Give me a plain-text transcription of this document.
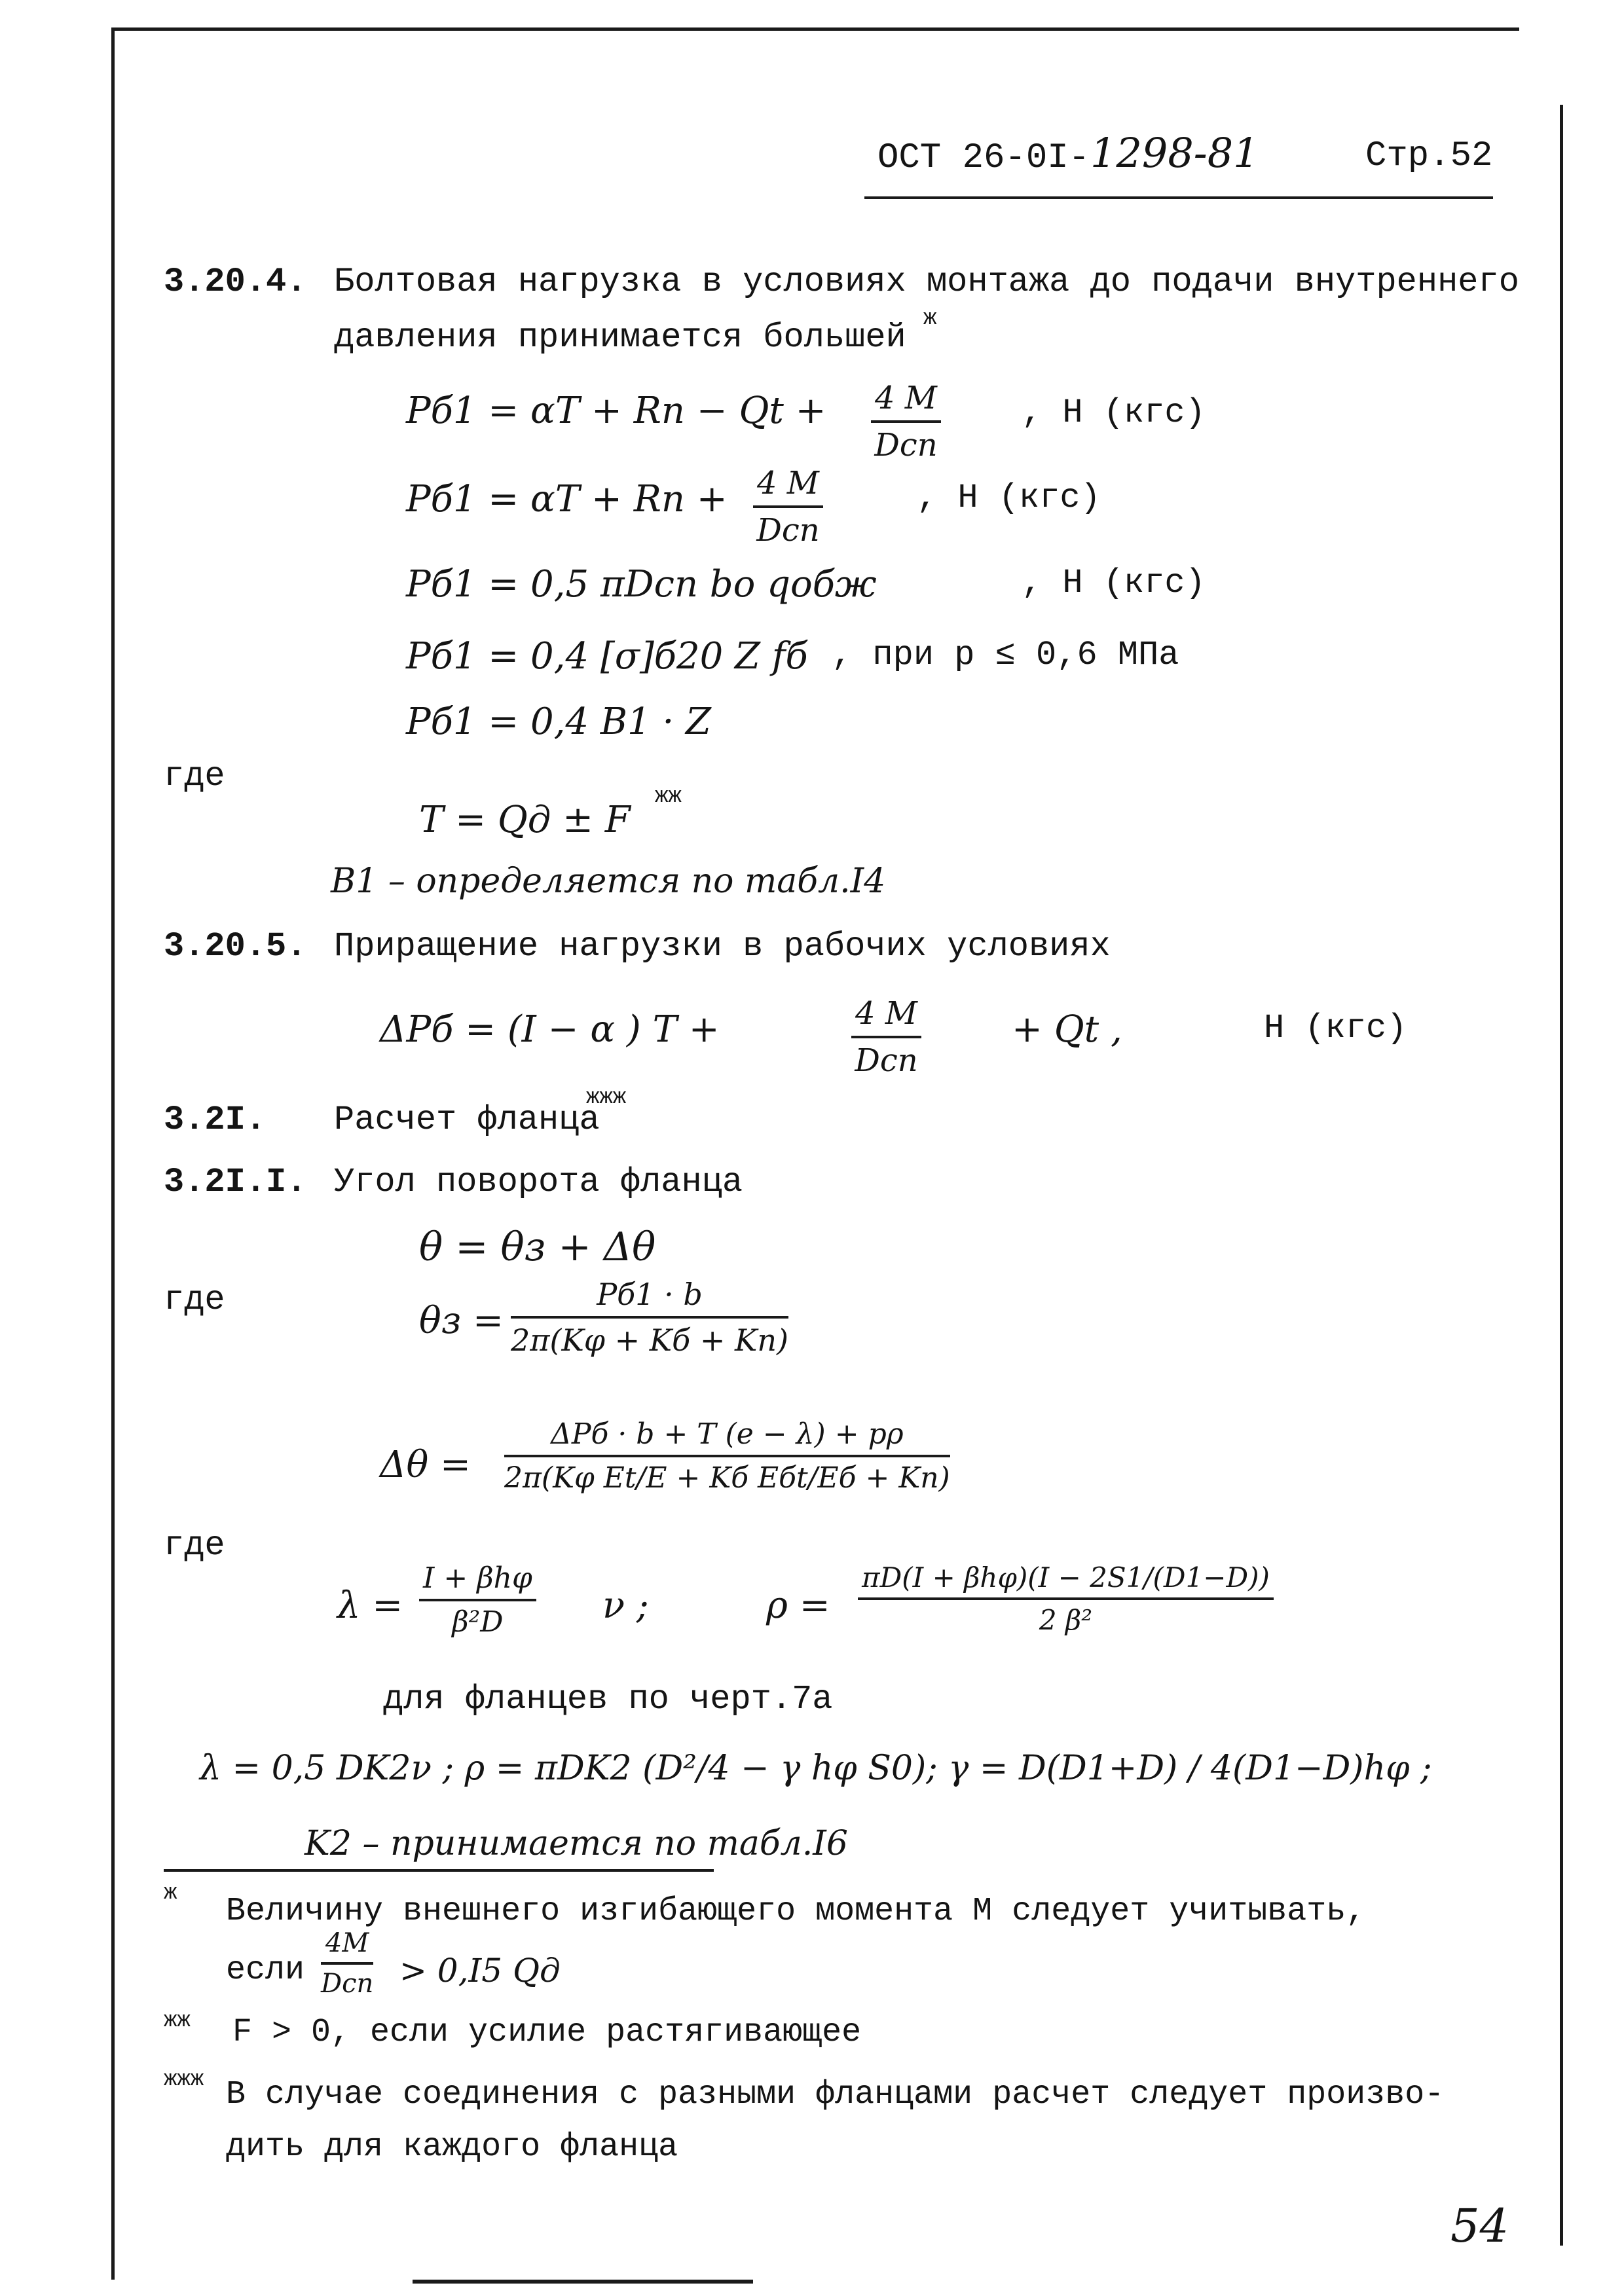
ОСТ 26-0I- 1298-81	Стр.52
3.20.4. Болтовая нагрузка в условиях монтажа до подачи внутреннего
давления принимается большей ж
Pб1 = αT + Rп − Qt + 4 M
Dсп
, Н (кгс)
Pб1 = αT + Rп + 4 M
Dсп
, Н (кгс)
Pб1 = 0,5 πDсп bо qобж	, Н (кгс)
Pб1 = 0,4 [σ]б20 Z fб , при p ≤ 0,6 МПа
Pб1 = 0,4 B1 · Z
где
T = Qд ± F
жж
B1 – определяется по табл.I4
3.20.5. Приращение нагрузки в рабочих условиях
ΔPб = (I − α ) T +	4 M
Dсп
+ Qt ,	Н (кгс)
3.2I. Расчет фланца
жжж
3.2I.I. Угол поворота фланца
θ = θз + Δθ
где	θз =
Pб1 · b
2π(Kφ + Kб + Kп)
Δθ =
ΔPб · b + T (e − λ) + pρ
2π(Kφ Et/E + Kб Eбt/Eб + Kп)
где
λ =
I + βhφ
β²D	ν ;	ρ =
πD(I + βhφ)(I − 2S1/(D1−D))
2 β²
для фланцев по черт.7а
λ = 0,5 DK2ν ; ρ = πDK2 (D²/4 − γ hφ S0); γ = D(D1+D) / 4(D1−D)hφ ;
K2 – принимается по табл.I6
ж Величину внешнего изгибающего момента M следует учитывать,
если
4M
Dсп > 0,I5 Qд
жж F > 0, если усилие растягивающее
жжж В случае соединения с разными фланцами расчет следует произво-
дить для каждого фланца
54
